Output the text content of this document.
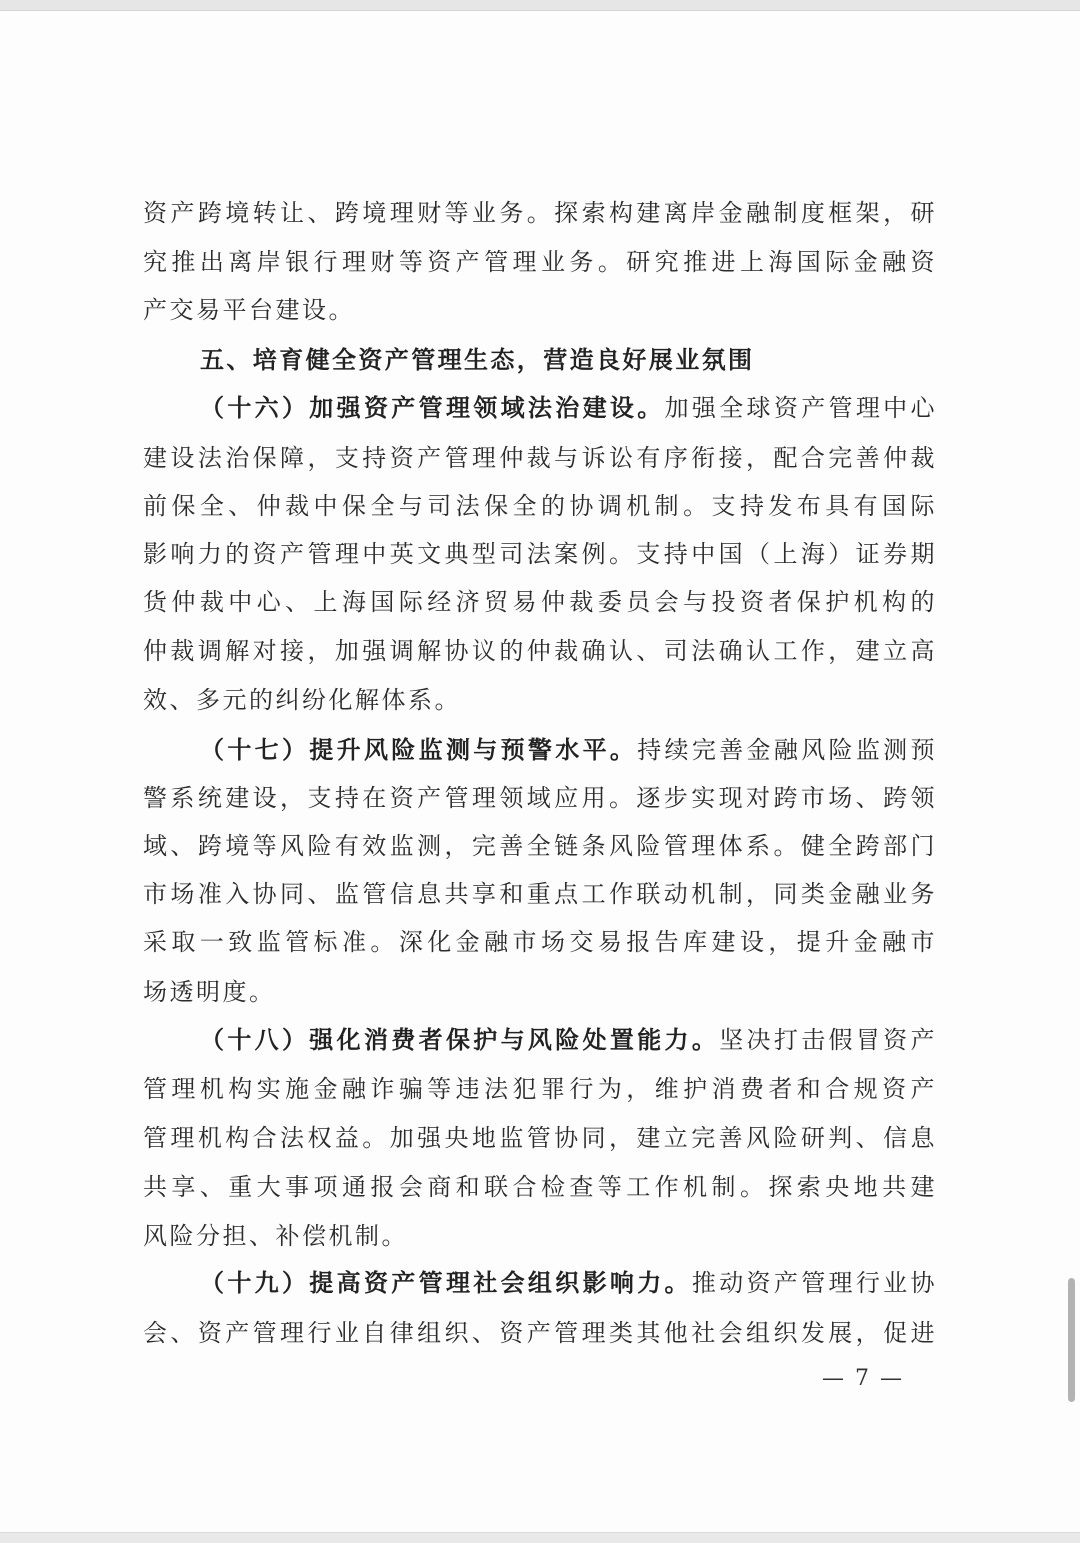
资产跨境转让、跨境理财等业务。探索构建离岸金融制度框架，研
究推出离岸银行理财等资产管理业务。研究推进上海国际金融资
产交易平台建设。
五、培育健全资产管理生态，营造良好展业氛围
（十六）加强资产管理领域法治建设。加强全球资产管理中心
建设法治保障，支持资产管理仲裁与诉讼有序衔接，配合完善仲裁
前保全、仲裁中保全与司法保全的协调机制。支持发布具有国际
影响力的资产管理中英文典型司法案例。支持中国（上海）证券期
货仲裁中心、上海国际经济贸易仲裁委员会与投资者保护机构的
仲裁调解对接，加强调解协议的仲裁确认、司法确认工作，建立高
效、多元的纠纷化解体系。
（十七）提升风险监测与预警水平。持续完善金融风险监测预
警系统建设，支持在资产管理领域应用。逐步实现对跨市场、跨领
域、跨境等风险有效监测，完善全链条风险管理体系。健全跨部门
市场准入协同、监管信息共享和重点工作联动机制，同类金融业务
采取一致监管标准。深化金融市场交易报告库建设，提升金融市
场透明度。
（十八）强化消费者保护与风险处置能力。坚决打击假冒资产
管理机构实施金融诈骗等违法犯罪行为，维护消费者和合规资产
管理机构合法权益。加强央地监管协同，建立完善风险研判、信息
共享、重大事项通报会商和联合检查等工作机制。探索央地共建
风险分担、补偿机制。
（十九）提高资产管理社会组织影响力。推动资产管理行业协
会、资产管理行业自律组织、资产管理类其他社会组织发展，促进
— 7 —
